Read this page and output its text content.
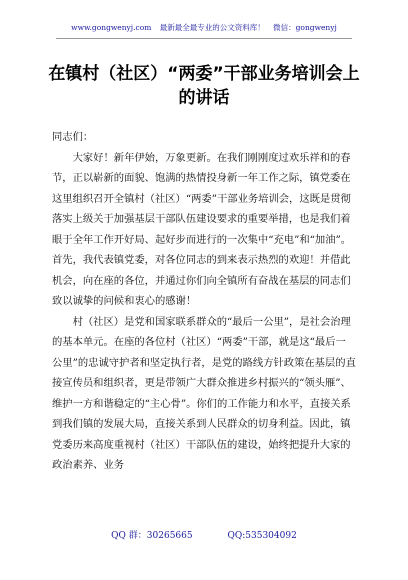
www.gongwenyj.com 最新最全最专业的公文资料库！ 微信：gongwenyj
在镇村（社区）“两委”干部业务培训会上的讲话

同志们：

大家好！新年伊始，万象更新。在我们刚刚度过欢乐祥和的春节，正以崭新的面貌、饱满的热情投身新一年工作之际，镇党委在这里组织召开全镇村（社区）“两委”干部业务培训会，这既是贯彻落实上级关于加强基层干部队伍建设要求的重要举措，也是我们着眼于全年工作开好局、起好步而进行的一次集中“充电”和“加油”。首先，我代表镇党委，对各位同志的到来表示热烈的欢迎！并借此机会，向在座的各位，并通过你们向全镇所有奋战在基层的同志们致以诚挚的问候和衷心的感谢！

村（社区）是党和国家联系群众的“最后一公里”，是社会治理的基本单元。在座的各位村（社区）“两委”干部，就是这“最后一公里”的忠诚守护者和坚定执行者，是党的路线方针政策在基层的直接宣传员和组织者，更是带领广大群众推进乡村振兴的“领头雁”、维护一方和谐稳定的“主心骨”。你们的工作能力和水平，直接关系到我们镇的发展大局，直接关系到人民群众的切身利益。因此，镇党委历来高度重视村（社区）干部队伍的建设，始终把提升大家的政治素养、业务

QQ 群：30265665	QQ:535304092
